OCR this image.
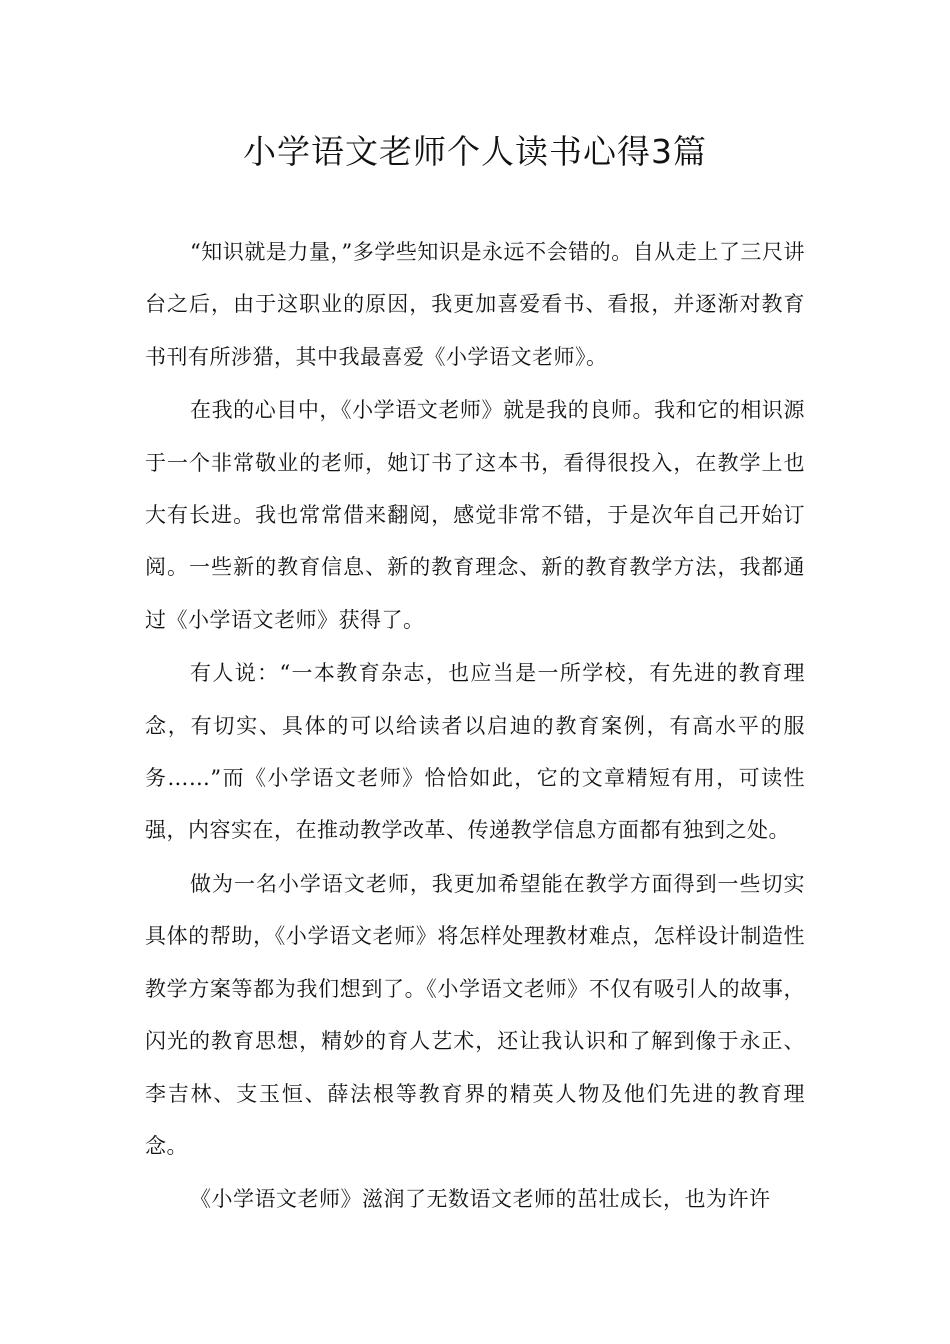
小学语文老师个人读书心得3篇

“知识就是力量，”多学些知识是永远不会错的。自从走上了三尺讲台之后，由于这职业的原因，我更加喜爱看书、看报，并逐渐对教育书刊有所涉猎，其中我最喜爱《小学语文老师》。

在我的心目中，《小学语文老师》就是我的良师。我和它的相识源于一个非常敬业的老师，她订书了这本书，看得很投入，在教学上也大有长进。我也常常借来翻阅，感觉非常不错，于是次年自己开始订阅。一些新的教育信息、新的教育理念、新的教育教学方法，我都通过《小学语文老师》获得了。

有人说：“一本教育杂志，也应当是一所学校，有先进的教育理念，有切实、具体的可以给读者以启迪的教育案例，有高水平的服务……”而《小学语文老师》恰恰如此，它的文章精短有用，可读性强，内容实在，在推动教学改革、传递教学信息方面都有独到之处。

做为一名小学语文老师，我更加希望能在教学方面得到一些切实具体的帮助，《小学语文老师》将怎样处理教材难点，怎样设计制造性教学方案等都为我们想到了。《小学语文老师》不仅有吸引人的故事，闪光的教育思想，精妙的育人艺术，还让我认识和了解到像于永正、李吉林、支玉恒、薛法根等教育界的精英人物及他们先进的教育理念。

《小学语文老师》滋润了无数语文老师的茁壮成长，也为许许
